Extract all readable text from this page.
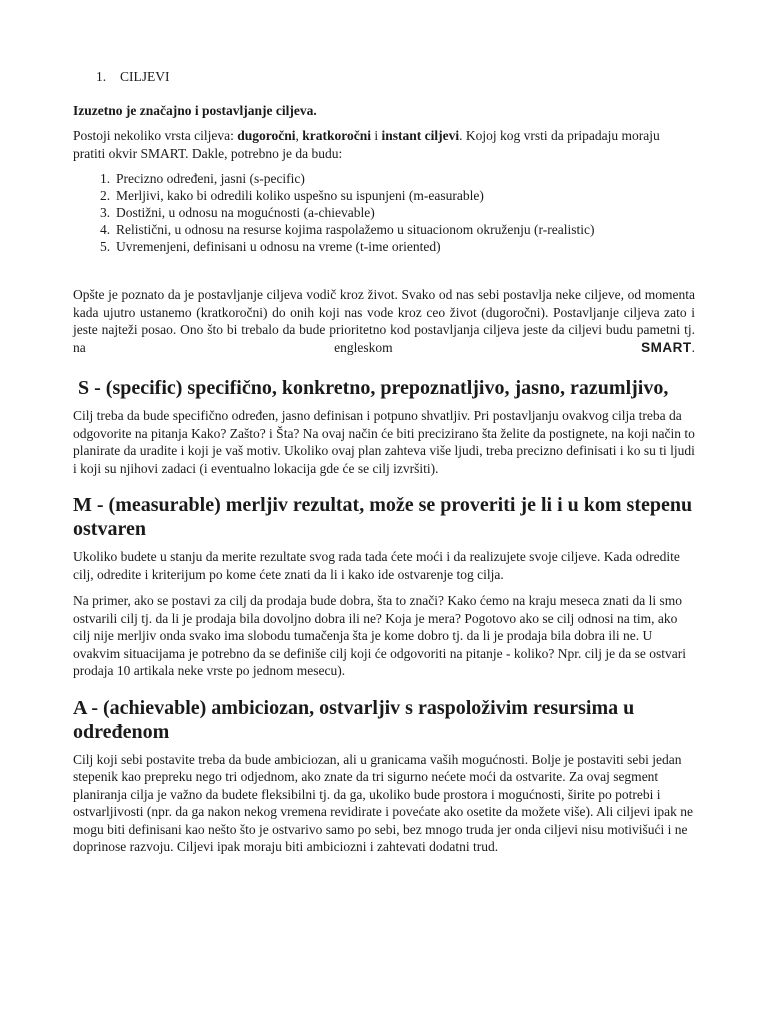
1.	CILJEVI
Izuzetno je značajno i postavljanje ciljeva.

Postoji nekoliko vrsta ciljeva: dugoročni, kratkoročni i instant ciljevi. Kojoj kog vrsti da pripadaju moraju pratiti okvir SMART. Dakle, potrebno je da budu:

1. Precizno određeni, jasni (s-pecific)
2. Merljivi, kako bi odredili koliko uspešno su ispunjeni (m-easurable)
3. Dostižni, u odnosu na mogućnosti (a-chievable)
4. Relistični, u odnosu na resurse kojima raspolažemo u situacionom okruženju (r-realistic)
5. Uvremenjeni, definisani u odnosu na vreme (t-ime oriented)

Opšte je poznato da je postavljanje ciljeva vodič kroz život. Svako od nas sebi postavlja neke ciljeve, od momenta kada ujutro ustanemo (kratkoročni) do onih koji nas vode kroz ceo život (dugoročni). Postavljanje ciljeva zato i jeste najteži posao. Ono što bi trebalo da bude prioritetno kod postavljanja ciljeva jeste da ciljevi budu pametni tj. na engleskom SMART.

S - (specific) specifično, konkretno, prepoznatljivo, jasno, razumljivo,

Cilj treba da bude specifično određen, jasno definisan i potpuno shvatljiv. Pri postavljanju ovakvog cilja treba da odgovorite na pitanja Kako? Zašto? i Šta? Na ovaj način će biti precizirano šta želite da postignete, na koji način to planirate da uradite i koji je vaš motiv. Ukoliko ovaj plan zahteva više ljudi, treba precizno definisati i ko su ti ljudi i koji su njihovi zadaci (i eventualno lokacija gde će se cilj izvršiti).

M - (measurable) merljiv rezultat, može se proveriti je li i u kom stepenu ostvaren

Ukoliko budete u stanju da merite rezultate svog rada tada ćete moći i da realizujete svoje ciljeve. Kada odredite cilj, odredite i kriterijum po kome ćete znati da li i kako ide ostvarenje tog cilja.

Na primer, ako se postavi za cilj da prodaja bude dobra, šta to znači? Kako ćemo na kraju meseca znati da li smo ostvarili cilj tj. da li je prodaja bila dovoljno dobra ili ne? Koja je mera? Pogotovo ako se cilj odnosi na tim, ako cilj nije merljiv onda svako ima slobodu tumačenja šta je kome dobro tj. da li je prodaja bila dobra ili ne. U ovakvim situacijama je potrebno da se definiše cilj koji će odgovoriti na pitanje - koliko? Npr. cilj je da se ostvari prodaja 10 artikala neke vrste po jednom mesecu).

A - (achievable) ambiciozan, ostvarljiv s raspoloživim resursima u određenom

Cilj koji sebi postavite treba da bude ambiciozan, ali u granicama vaših mogućnosti. Bolje je postaviti sebi jedan stepenik kao prepreku nego tri odjednom, ako znate da tri sigurno nećete moći da ostvarite. Za ovaj segment planiranja cilja je važno da budete fleksibilni tj. da ga, ukoliko bude prostora i mogućnosti, širite po potrebi i ostvarljivosti (npr. da ga nakon nekog vremena revidirate i povećate ako osetite da možete više). Ali ciljevi ipak ne mogu biti definisani kao nešto što je ostvarivo samo po sebi, bez mnogo truda jer onda ciljevi nisu motivišući i ne doprinose razvoju. Ciljevi ipak moraju biti ambiciozni i zahtevati dodatni trud.
